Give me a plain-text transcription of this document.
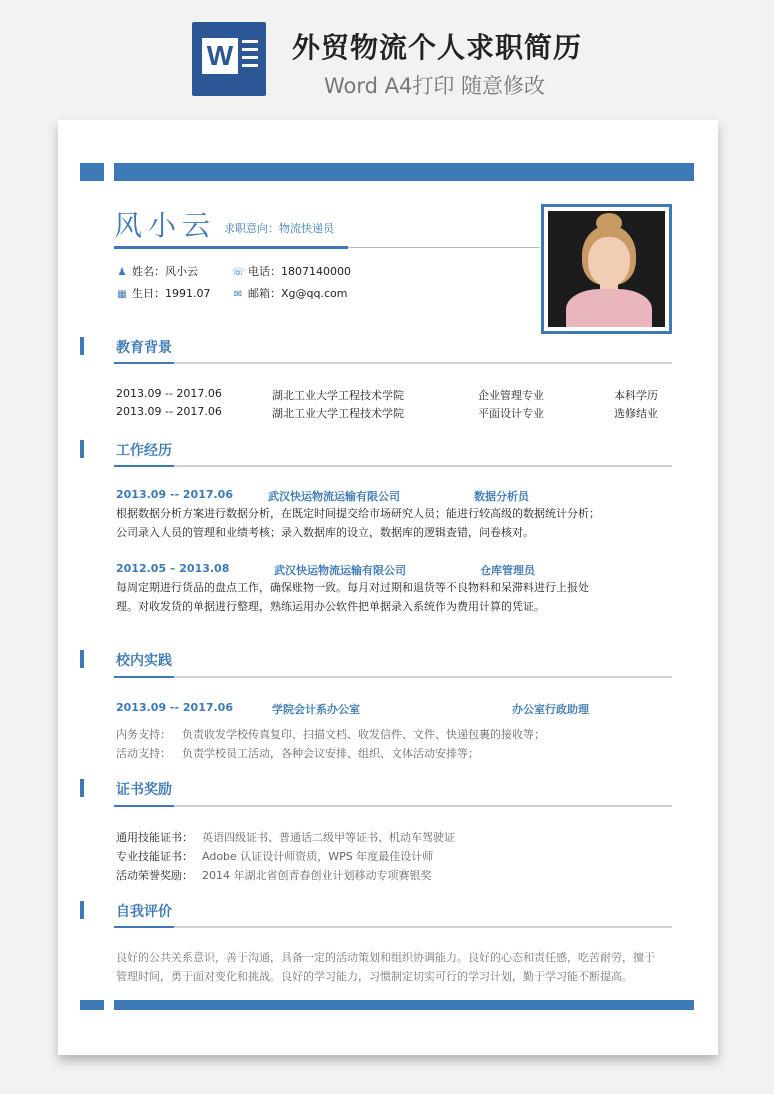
W 外贸物流个人求职简历
Word A4打印 随意修改
风小云 求职意向：物流快递员
♟ 姓名：风小云	☏ 电话：1807140000
▦ 生日：1991.07 ✉ 邮箱：Xg@qq.com
教育背景
2013.09 -- 2017.06	湖北工业大学工程技术学院	企业管理专业	本科学历
2013.09 -- 2017.06	湖北工业大学工程技术学院	平面设计专业	选修结业
工作经历
2013.09 -- 2017.06	武汉快运物流运输有限公司	数据分析员
根据数据分析方案进行数据分析，在既定时间提交给市场研究人员；能进行较高级的数据统计分析；公司录入人员的管理和业绩考核；录入数据库的设立，数据库的逻辑查错，问卷核对。
2012.05 – 2013.08	武汉快运物流运输有限公司	仓库管理员
每周定期进行货品的盘点工作，确保账物一致。每月对过期和退货等不良物料和呆滞料进行上报处理。对收发货的单据进行整理，熟练运用办公软件把单据录入系统作为费用计算的凭证。
校内实践
2013.09 -- 2017.06	学院会计系办公室	办公室行政助理
内务支持： 负责收发学校传真复印、扫描文档、收发信件、文件、快递包裹的接收等；
活动支持： 负责学校员工活动，各种会议安排、组织、文体活动安排等；
证书奖励
通用技能证书： 英语四级证书、普通话二级甲等证书、机动车驾驶证
专业技能证书： Adobe 认证设计师资质，WPS 年度最佳设计师
活动荣誉奖励： 2014 年湖北省创青春创业计划移动专项赛银奖
自我评价
良好的公共关系意识，善于沟通，具备一定的活动策划和组织协调能力。良好的心态和责任感，吃苦耐劳，擅于管理时间，勇于面对变化和挑战。良好的学习能力，习惯制定切实可行的学习计划，勤于学习能不断提高。
